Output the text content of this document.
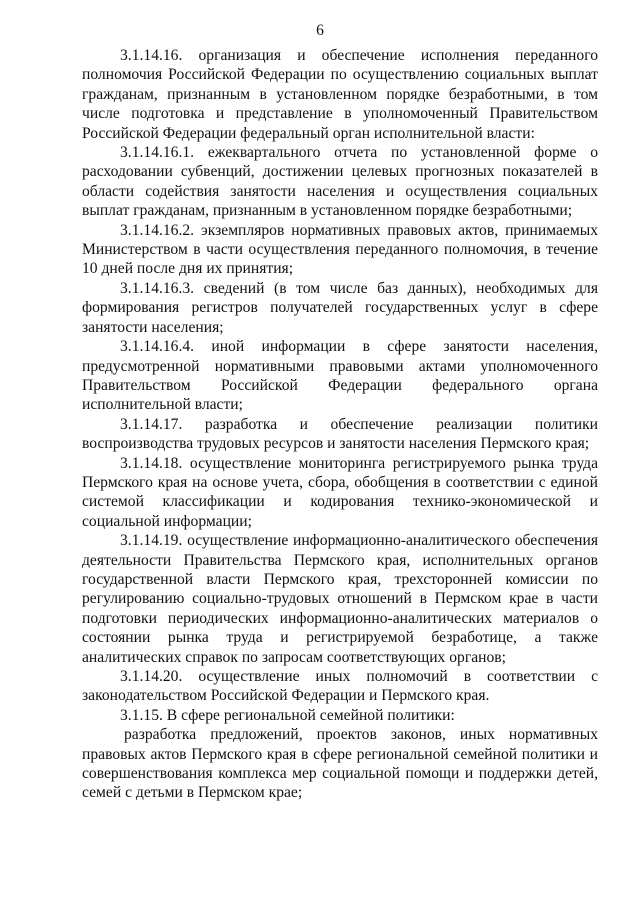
6

3.1.14.16. организация и обеспечение исполнения переданного полномочия Российской Федерации по осуществлению социальных выплат гражданам, признанным в установленном порядке безработными, в том числе подготовка и представление в уполномоченный Правительством Российской Федерации федеральный орган исполнительной власти:

3.1.14.16.1. ежеквартального отчета по установленной форме о расходовании субвенций, достижении целевых прогнозных показателей в области содействия занятости населения и осуществления социальных выплат гражданам, признанным в установленном порядке безработными;

3.1.14.16.2. экземпляров нормативных правовых актов, принимаемых Министерством в части осуществления переданного полномочия, в течение 10 дней после дня их принятия;

3.1.14.16.3. сведений (в том числе баз данных), необходимых для формирования регистров получателей государственных услуг в сфере занятости населения;

3.1.14.16.4. иной информации в сфере занятости населения, предусмотренной нормативными правовыми актами уполномоченного Правительством Российской Федерации федерального органа исполнительной власти;

3.1.14.17. разработка и обеспечение реализации политики воспроизводства трудовых ресурсов и занятости населения Пермского края;

3.1.14.18. осуществление мониторинга регистрируемого рынка труда Пермского края на основе учета, сбора, обобщения в соответствии с единой системой классификации и кодирования технико-экономической и социальной информации;

3.1.14.19. осуществление информационно-аналитического обеспечения деятельности Правительства Пермского края, исполнительных органов государственной власти Пермского края, трехсторонней комиссии по регулированию социально-трудовых отношений в Пермском крае в части подготовки периодических информационно-аналитических материалов о состоянии рынка труда и регистрируемой безработице, а также аналитических справок по запросам соответствующих органов;

3.1.14.20. осуществление иных полномочий в соответствии с законодательством Российской Федерации и Пермского края.

3.1.15. В сфере региональной семейной политики:

разработка предложений, проектов законов, иных нормативных правовых актов Пермского края в сфере региональной семейной политики и совершенствования комплекса мер социальной помощи и поддержки детей, семей с детьми в Пермском крае;
